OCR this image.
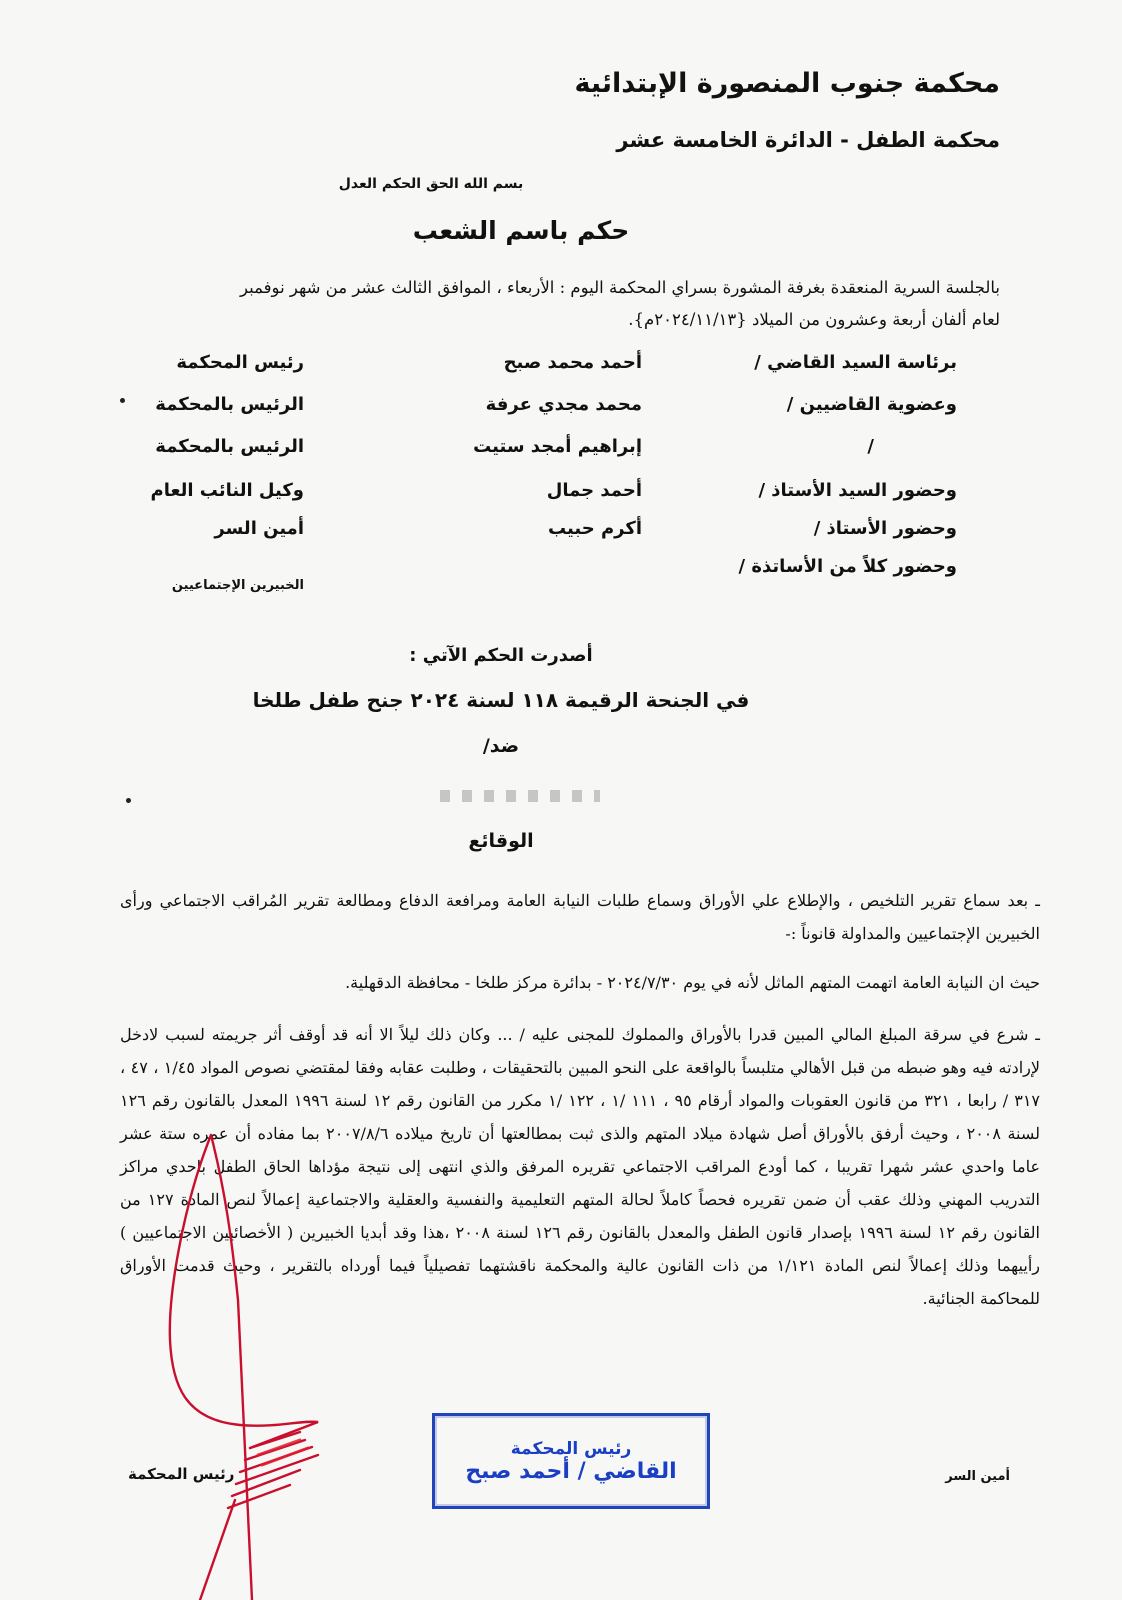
محكمة جنوب المنصورة الإبتدائية
محكمة الطفل - الدائرة الخامسة عشر
بسم الله الحق الحكم العدل
حكم باسم الشعب
بالجلسة السرية المنعقدة بغرفة المشورة بسراي المحكمة اليوم : الأربعاء ، الموافق الثالث عشر من شهر نوفمبر لعام ألفان أربعة وعشرون من الميلاد {٢٠٢٤/١١/١٣م}.
برئاسة السيد القاضي /
أحمد محمد صبح
رئيس المحكمة
وعضوية القاضيين /
محمد مجدي عرفة
الرئيس بالمحكمة
/
إبراهيم أمجد ستيت
الرئيس بالمحكمة
وحضور السيد الأستاذ /
أحمد جمال
وكيل النائب العام
وحضور الأستاذ /
أكرم حبيب
أمين السر
وحضور كلاً من الأساتذة /
الخبيرين الإجتماعيين
أصدرت الحكم الآتي :
في الجنحة الرقيمة ١١٨ لسنة ٢٠٢٤ جنح طفل طلخا
ضد/
الوقائع
ـ بعد سماع تقرير التلخيص ، والإطلاع علي الأوراق وسماع طلبات النيابة العامة ومرافعة الدفاع ومطالعة تقرير المُراقب الاجتماعي ورأى الخبيرين الإجتماعيين والمداولة قانوناً :-
حيث ان النيابة العامة اتهمت المتهم الماثل لأنه في يوم ٢٠٢٤/٧/٣٠ - بدائرة مركز طلخا - محافظة الدقهلية.
ـ شرع في سرقة المبلغ المالي المبين قدرا بالأوراق والمملوك للمجنى عليه / ... وكان ذلك ليلاً الا أنه قد أوقف أثر جريمته لسبب لادخل لإرادته فيه وهو ضبطه من قبل الأهالي متلبساً بالواقعة على النحو المبين بالتحقيقات ، وطلبت عقابه وفقا لمقتضي نصوص المواد ١/٤٥ ، ٤٧ ، ٣١٧ / رابعا ، ٣٢١ من قانون العقوبات والمواد أرقام ٩٥ ، ١١١ /١ ، ١٢٢ /١ مكرر من القانون رقم ١٢ لسنة ١٩٩٦ المعدل بالقانون رقم ١٢٦ لسنة ٢٠٠٨ ، وحيث أرفق بالأوراق أصل شهادة ميلاد المتهم والذى ثبت بمطالعتها أن تاريخ ميلاده ٢٠٠٧/٨/٦ بما مفاده أن عمره ستة عشر عاما واحدي عشر شهرا تقريبا ، كما أودع المراقب الاجتماعي تقريره المرفق والذي انتهى إلى نتيجة مؤداها الحاق الطفل باحدي مراكز التدريب المهني وذلك عقب أن ضمن تقريره فحصاً كاملاً لحالة المتهم التعليمية والنفسية والعقلية والاجتماعية إعمالاً لنص المادة ١٢٧ من القانون رقم ١٢ لسنة ١٩٩٦ بإصدار قانون الطفل والمعدل بالقانون رقم ١٢٦ لسنة ٢٠٠٨ ،هذا وقد أبديا الخبيرين ( الأخصائيين الاجتماعيين ) رأييهما وذلك إعمالاً لنص المادة ١/١٢١ من ذات القانون عالية والمحكمة ناقشتهما تفصيلياً فيما أورداه بالتقرير ، وحيث قدمت الأوراق للمحاكمة الجنائية.
رئيس المحكمة
القاضي / أحمد صبح
رئيس المحكمة	أمين السر
